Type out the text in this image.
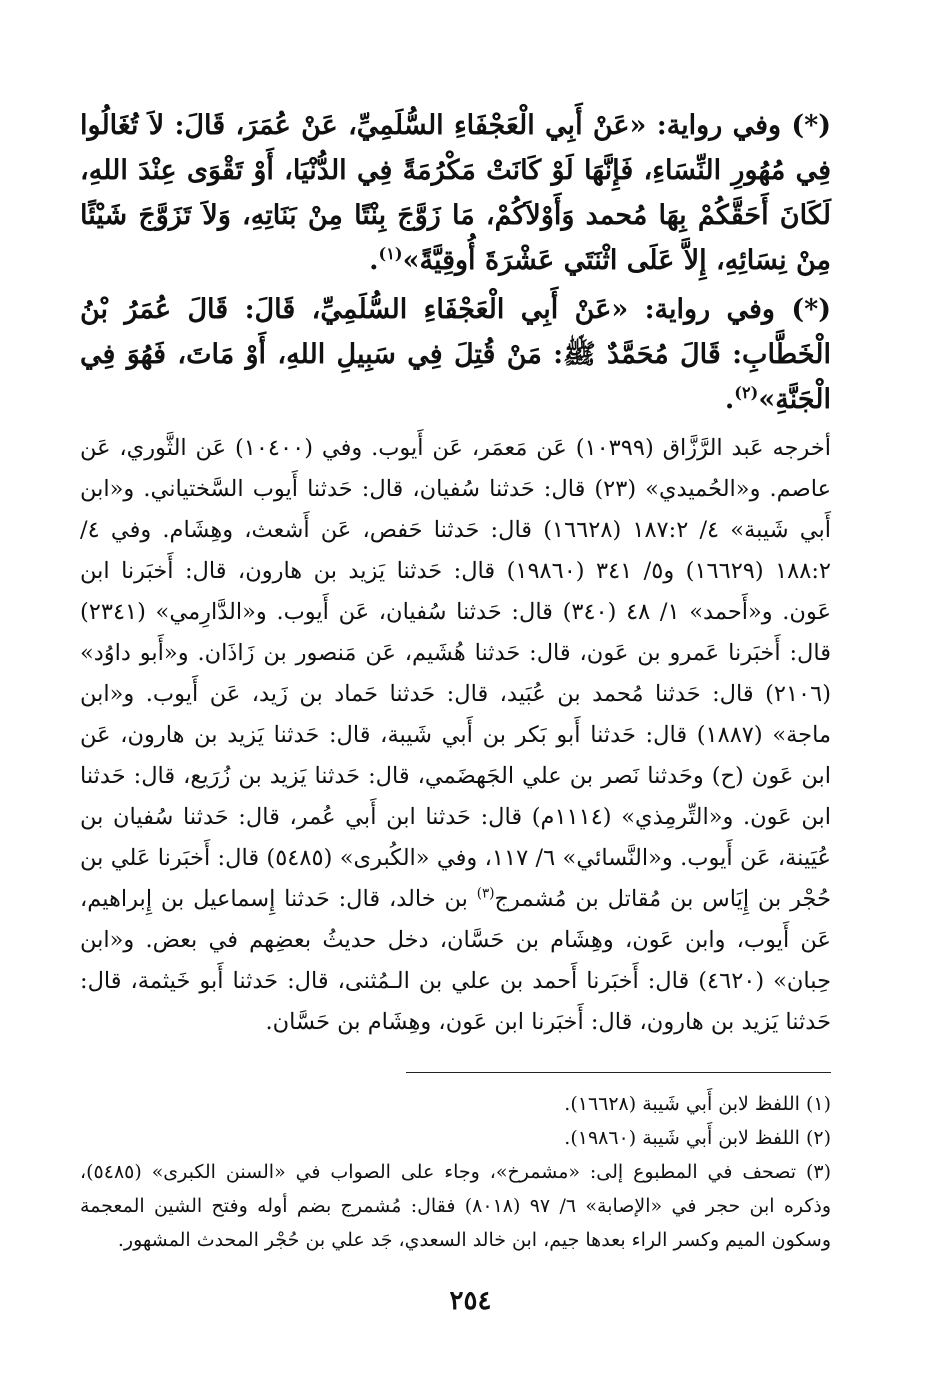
(*) وفي رواية: «عَنْ أَبِي الْعَجْفَاءِ السُّلَمِيِّ، عَنْ عُمَرَ، قَالَ: لاَ تُغَالُوا فِي مُهُورِ النِّسَاءِ، فَإِنَّهَا لَوْ كَانَتْ مَكْرُمَةً فِي الدُّنْيَا، أَوْ تَقْوَى عِنْدَ اللهِ، لَكَانَ أَحَقَّكُمْ بِهَا مُحمد وَأَوْلاَكُمْ، مَا زَوَّجَ بِنْتًا مِنْ بَنَاتِهِ، وَلاَ تَزَوَّجَ شَيْئًا مِنْ نِسَائِهِ، إِلاَّ عَلَى اثْنَتَي عَشْرَةَ أُوقِيَّةً»$^{(١)}$.

(*) وفي رواية: «عَنْ أَبِي الْعَجْفَاءِ السُّلَمِيِّ، قَالَ: قَالَ عُمَرُ بْنُ الْخَطَّابِ: قَالَ مُحَمَّدٌ ﷺ: مَنْ قُتِلَ فِي سَبِيلِ اللهِ، أَوْ مَاتَ، فَهُوَ فِي الْجَنَّةِ»$^{(٢)}$.

أخرجه عَبد الرَّزَّاق (١٠٣٩٩) عَن مَعمَر، عَن أَيوب. وفي (١٠٤٠٠) عَن الثَّوري، عَن عاصم. و«الحُميدي» (٢٣) قال: حَدثنا سُفيان، قال: حَدثنا أَيوب السَّختياني. و«ابن أَبي شَيبة» ٤/ ١٨٧:٢ (١٦٦٢٨) قال: حَدثنا حَفص، عَن أَشعث، وهِشَام. وفي ٤/ ١٨٨:٢ (١٦٦٢٩) و٥/ ٣٤١ (١٩٨٦٠) قال: حَدثنا يَزيد بن هارون، قال: أَخبَرنا ابن عَون. و«أَحمد» ١/ ٤٨ (٣٤٠) قال: حَدثنا سُفيان، عَن أَيوب. و«الدَّارِمي» (٢٣٤١) قال: أَخبَرنا عَمرو بن عَون، قال: حَدثنا هُشَيم، عَن مَنصور بن زَاذَان. و«أَبو داوُد» (٢١٠٦) قال: حَدثنا مُحمد بن عُبَيد، قال: حَدثنا حَماد بن زَيد، عَن أَيوب. و«ابن ماجة» (١٨٨٧) قال: حَدثنا أَبو بَكر بن أَبي شَيبة، قال: حَدثنا يَزيد بن هارون، عَن ابن عَون (ح) وحَدثنا نَصر بن علي الجَهضَمي، قال: حَدثنا يَزيد بن زُرَيع، قال: حَدثنا ابن عَون. و«التِّرمِذي» (١١١٤م) قال: حَدثنا ابن أَبي عُمر، قال: حَدثنا سُفيان بن عُيَينة، عَن أَيوب. و«النَّسائي» ٦/ ١١٧، وفي «الكُبرى» (٥٤٨٥) قال: أَخبَرنا عَلي بن حُجْر بن إِيَاس بن مُقاتل بن مُشمرج$^{(٣)}$ بن خالد، قال: حَدثنا إِسماعيل بن إِبراهيم، عَن أَيوب، وابن عَون، وهِشَام بن حَسَّان، دخل حديثُ بعضِهم في بعض. و«ابن حِبان» (٤٦٢٠) قال: أَخبَرنا أَحمد بن علي بن الـمُثنى، قال: حَدثنا أَبو خَيثمة، قال: حَدثنا يَزيد بن هارون، قال: أَخبَرنا ابن عَون، وهِشَام بن حَسَّان.

(١) اللفظ لابن أَبي شَيبة (١٦٦٢٨).

(٢) اللفظ لابن أَبي شَيبة (١٩٨٦٠).

(٣) تصحف في المطبوع إلى: «مشمرخ»، وجاء على الصواب في «السنن الكبرى» (٥٤٨٥)، وذكره ابن حجر في «الإصابة» ٦/ ٩٧ (٨٠١٨) فقال: مُشمرج بضم أوله وفتح الشين المعجمة وسكون الميم وكسر الراء بعدها جيم، ابن خالد السعدي، جَد علي بن حُجْر المحدث المشهور.

٢٥٤
